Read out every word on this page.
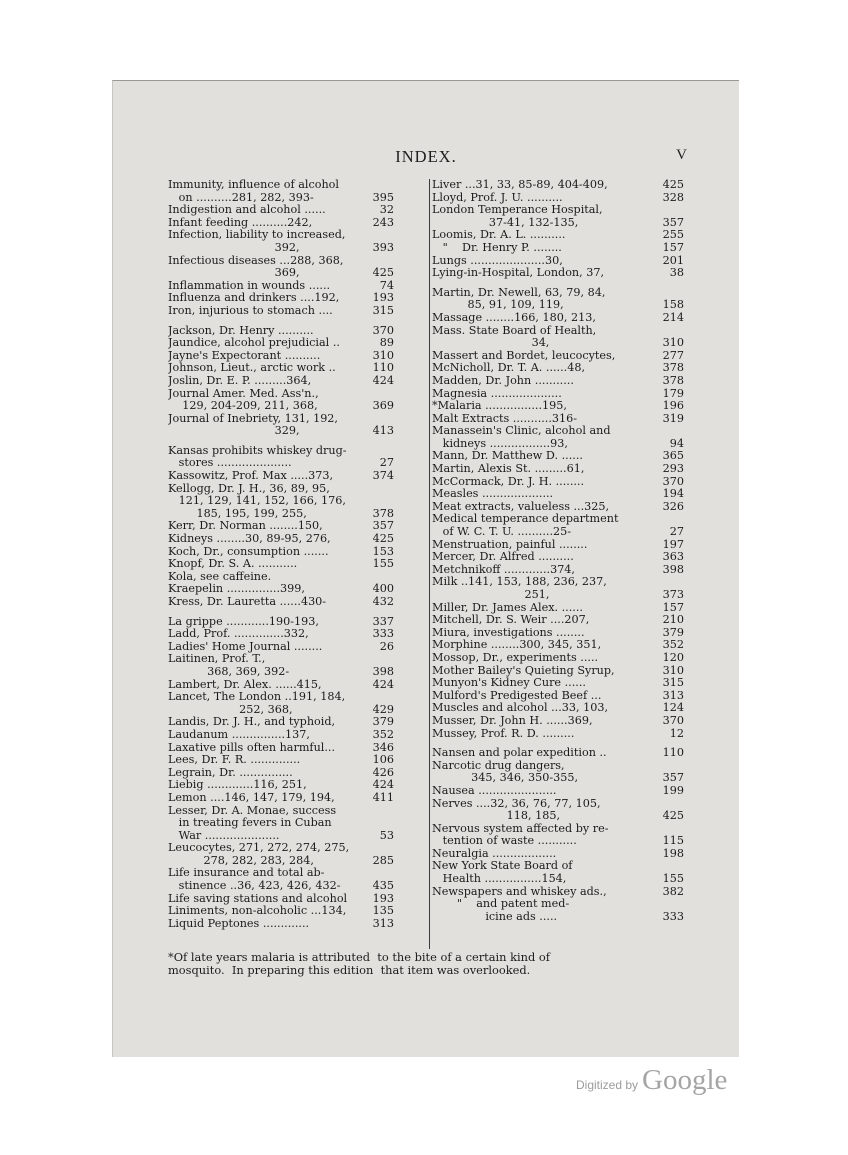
INDEX.	V
Immunity, influence of alcohol
on ..........281, 282, 393-	395
Indigestion and alcohol ......	32
Infant feeding ..........242,	243
Infection, liability to increased,
392,	393
Infectious diseases ...288, 368,
369,	425
Inflammation in wounds ......	74
Influenza and drinkers ....192,	193
Iron, injurious to stomach ....	315
Jackson, Dr. Henry ..........	370
Jaundice, alcohol prejudicial ..	89
Jayne's Expectorant ..........	310
Johnson, Lieut., arctic work ..	110
Joslin, Dr. E. P. .........364,	424
Journal Amer. Med. Ass'n.,
129, 204-209, 211, 368,	369
Journal of Inebriety, 131, 192,
329,	413
Kansas prohibits whiskey drug-
stores .....................	27
Kassowitz, Prof. Max .....373,	374
Kellogg, Dr. J. H., 36, 89, 95,
121, 129, 141, 152, 166, 176,
185, 195, 199, 255,	378
Kerr, Dr. Norman ........150,	357
Kidneys ........30, 89-95, 276,	425
Koch, Dr., consumption .......	153
Knopf, Dr. S. A. ...........	155
Kola, see caffeine.
Kraepelin ...............399,	400
Kress, Dr. Lauretta ......430-	432
La grippe ............190-193,	337
Ladd, Prof. ..............332,	333
Ladies' Home Journal ........	26
Laitinen, Prof. T.,
368, 369, 392-	398
Lambert, Dr. Alex. ......415,	424
Lancet, The London ..191, 184,
252, 368,	429
Landis, Dr. J. H., and typhoid,	379
Laudanum ...............137,	352
Laxative pills often harmful...	346
Lees, Dr. F. R. ..............	106
Legrain, Dr. ...............	426
Liebig .............116, 251,	424
Lemon ....146, 147, 179, 194,	411
Lesser, Dr. A. Monae, success
in treating fevers in Cuban
War .....................	53
Leucocytes, 271, 272, 274, 275,
278, 282, 283, 284,	285
Life insurance and total ab-
stinence ..36, 423, 426, 432-	435
Life saving stations and alcohol	193
Liniments, non-alcoholic ...134,	135
Liquid Peptones .............	313
Liver ...31, 33, 85-89, 404-409,	425
Lloyd, Prof. J. U. ..........	328
London Temperance Hospital,
37-41, 132-135,	357
Loomis, Dr. A. L. ..........	255
"    Dr. Henry P. ........	157
Lungs .....................30,	201
Lying-in-Hospital, London, 37,	38
Martin, Dr. Newell, 63, 79, 84,
85, 91, 109, 119,	158
Massage ........166, 180, 213,	214
Mass. State Board of Health,
34,	310
Massert and Bordet, leucocytes,	277
McNicholl, Dr. T. A. ......48,	378
Madden, Dr. John ...........	378
Magnesia ....................	179
*Malaria ................195,	196
Malt Extracts ...........316-	319
Manassein's Clinic, alcohol and
kidneys .................93,	94
Mann, Dr. Matthew D. ......	365
Martin, Alexis St. .........61,	293
McCormack, Dr. J. H. ........	370
Measles ....................	194
Meat extracts, valueless ...325,	326
Medical temperance department
of W. C. T. U. ..........25-	27
Menstruation, painful ........	197
Mercer, Dr. Alfred ..........	363
Metchnikoff .............374,	398
Milk ..141, 153, 188, 236, 237,
251,	373
Miller, Dr. James Alex. ......	157
Mitchell, Dr. S. Weir ....207,	210
Miura, investigations ........	379
Morphine ........300, 345, 351,	352
Mossop, Dr., experiments .....	120
Mother Bailey's Quieting Syrup,	310
Munyon's Kidney Cure ......	315
Mulford's Predigested Beef ...	313
Muscles and alcohol ...33, 103,	124
Musser, Dr. John H. ......369,	370
Mussey, Prof. R. D. .........	12
Nansen and polar expedition ..	110
Narcotic drug dangers,
345, 346, 350-355,	357
Nausea ......................	199
Nerves ....32, 36, 76, 77, 105,
118, 185,	425
Nervous system affected by re-
tention of waste ...........	115
Neuralgia ..................	198
New York State Board of
Health ................154,	155
Newspapers and whiskey ads.,	382
"    and patent med-
icine ads .....	333
*Of late years malaria is attributed  to the bite of a certain kind of
mosquito.  In preparing this edition  that item was overlooked.
Digitized by Google
